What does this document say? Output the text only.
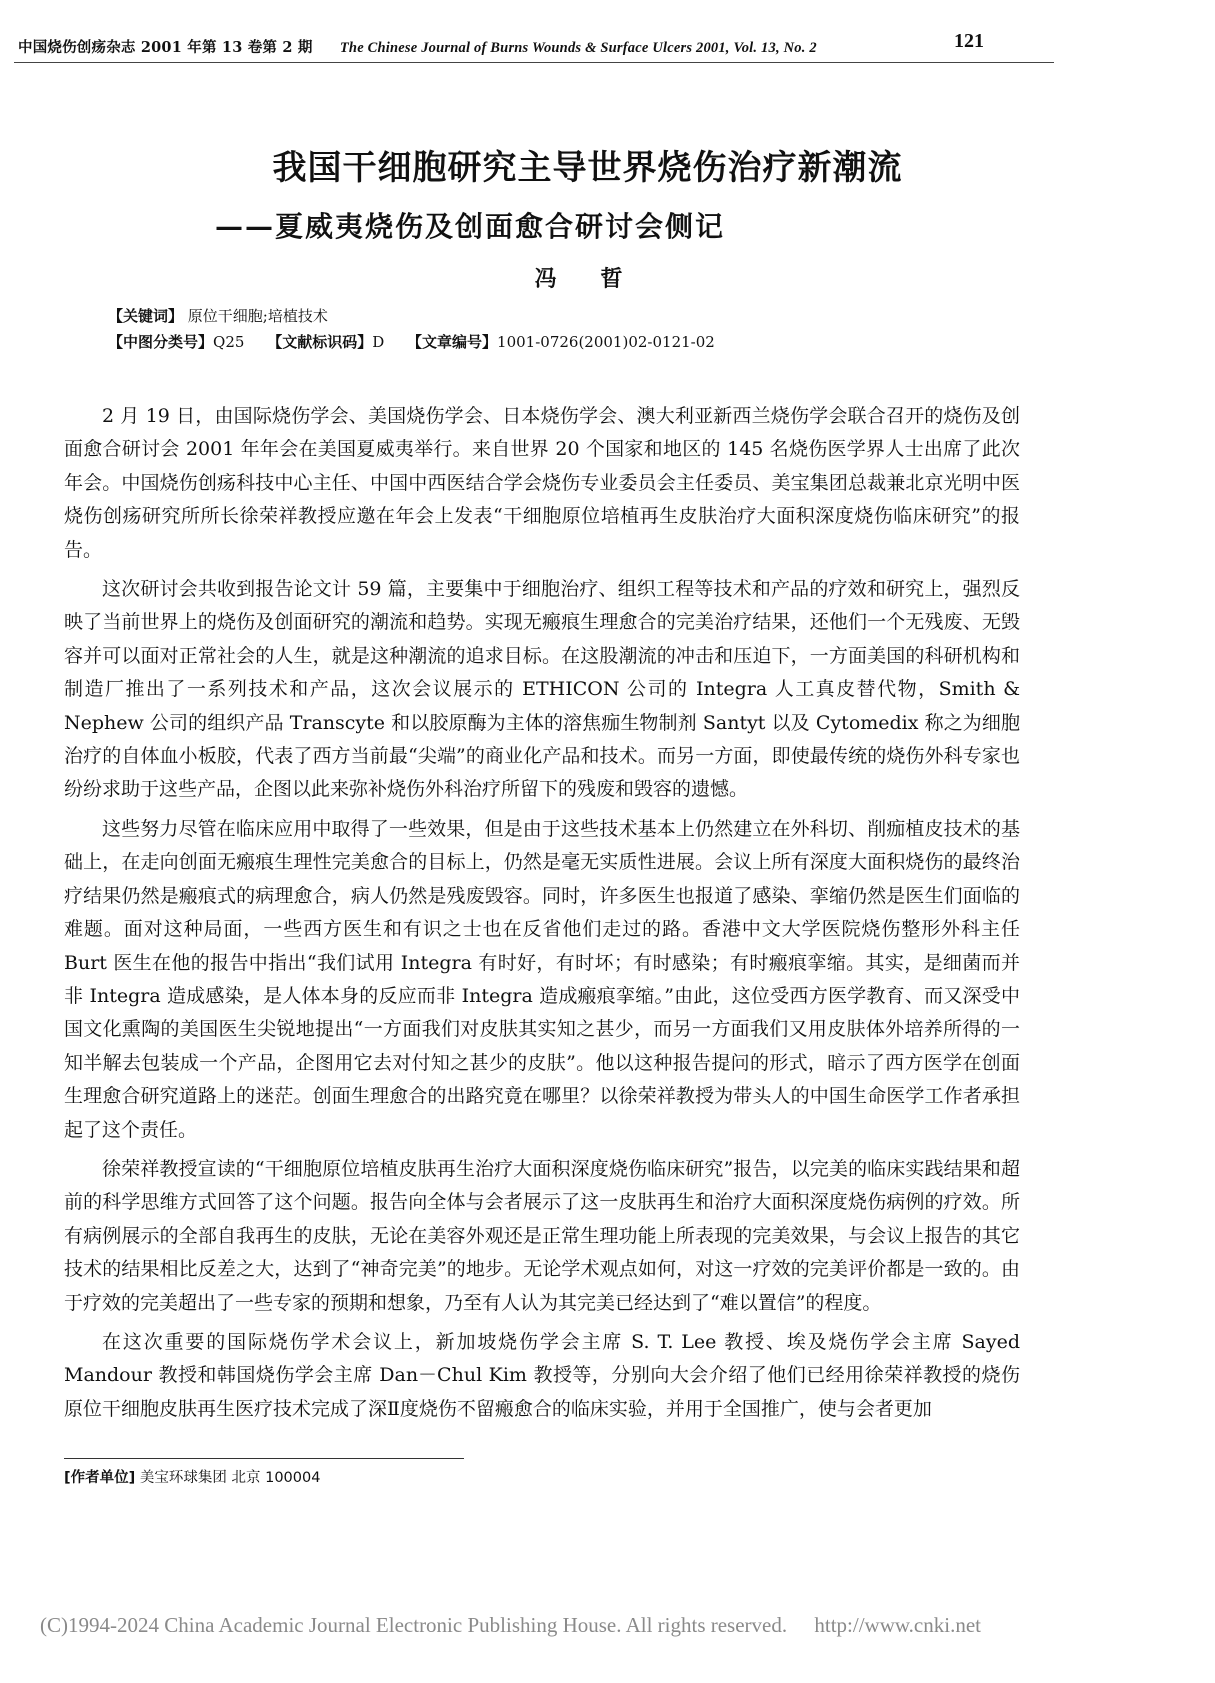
中国烧伤创疡杂志 2001 年第 13 卷第 2 期 The Chinese Journal of Burns Wounds & Surface Ulcers 2001, Vol. 13, No. 2	121
我国干细胞研究主导世界烧伤治疗新潮流
——夏威夷烧伤及创面愈合研讨会侧记
冯 晢
【关键词】 原位干细胞;培植技术
【中图分类号】Q25 【文献标识码】D 【文章编号】1001-0726(2001)02-0121-02

2 月 19 日，由国际烧伤学会、美国烧伤学会、日本烧伤学会、澳大利亚新西兰烧伤学会联合召开的烧伤及创面愈合研讨会 2001 年年会在美国夏威夷举行。来自世界 20 个国家和地区的 145 名烧伤医学界人士出席了此次年会。中国烧伤创疡科技中心主任、中国中西医结合学会烧伤专业委员会主任委员、美宝集团总裁兼北京光明中医烧伤创疡研究所所长徐荣祥教授应邀在年会上发表“干细胞原位培植再生皮肤治疗大面积深度烧伤临床研究”的报告。

这次研讨会共收到报告论文计 59 篇，主要集中于细胞治疗、组织工程等技术和产品的疗效和研究上，强烈反映了当前世界上的烧伤及创面研究的潮流和趋势。实现无瘢痕生理愈合的完美治疗结果，还他们一个无残废、无毁容并可以面对正常社会的人生，就是这种潮流的追求目标。在这股潮流的冲击和压迫下，一方面美国的科研机构和制造厂推出了一系列技术和产品，这次会议展示的 ETHICON 公司的 Integra 人工真皮替代物，Smith & Nephew 公司的组织产品 Transcyte 和以胶原酶为主体的溶焦痂生物制剂 Santyt 以及 Cytomedix 称之为细胞治疗的自体血小板胶，代表了西方当前最“尖端”的商业化产品和技术。而另一方面，即使最传统的烧伤外科专家也纷纷求助于这些产品，企图以此来弥补烧伤外科治疗所留下的残废和毁容的遗憾。

这些努力尽管在临床应用中取得了一些效果，但是由于这些技术基本上仍然建立在外科切、削痂植皮技术的基础上，在走向创面无瘢痕生理性完美愈合的目标上，仍然是毫无实质性进展。会议上所有深度大面积烧伤的最终治疗结果仍然是瘢痕式的病理愈合，病人仍然是残废毁容。同时，许多医生也报道了感染、挛缩仍然是医生们面临的难题。面对这种局面，一些西方医生和有识之士也在反省他们走过的路。香港中文大学医院烧伤整形外科主任 Burt 医生在他的报告中指出“我们试用 Integra 有时好，有时坏；有时感染；有时瘢痕挛缩。其实，是细菌而并非 Integra 造成感染，是人体本身的反应而非 Integra 造成瘢痕挛缩。”由此，这位受西方医学教育、而又深受中国文化熏陶的美国医生尖锐地提出“一方面我们对皮肤其实知之甚少，而另一方面我们又用皮肤体外培养所得的一知半解去包装成一个产品，企图用它去对付知之甚少的皮肤”。他以这种报告提问的形式，暗示了西方医学在创面生理愈合研究道路上的迷茫。创面生理愈合的出路究竟在哪里？以徐荣祥教授为带头人的中国生命医学工作者承担起了这个责任。

徐荣祥教授宣读的“干细胞原位培植皮肤再生治疗大面积深度烧伤临床研究”报告，以完美的临床实践结果和超前的科学思维方式回答了这个问题。报告向全体与会者展示了这一皮肤再生和治疗大面积深度烧伤病例的疗效。所有病例展示的全部自我再生的皮肤，无论在美容外观还是正常生理功能上所表现的完美效果，与会议上报告的其它技术的结果相比反差之大，达到了“神奇完美”的地步。无论学术观点如何，对这一疗效的完美评价都是一致的。由于疗效的完美超出了一些专家的预期和想象，乃至有人认为其完美已经达到了“难以置信”的程度。

在这次重要的国际烧伤学术会议上，新加坡烧伤学会主席 S. T. Lee 教授、埃及烧伤学会主席 Sayed Mandour 教授和韩国烧伤学会主席 Dan－Chul Kim 教授等，分别向大会介绍了他们已经用徐荣祥教授的烧伤原位干细胞皮肤再生医疗技术完成了深Ⅱ度烧伤不留瘢愈合的临床实验，并用于全国推广，使与会者更加

[作者单位] 美宝环球集团 北京 100004
(C)1994-2024 China Academic Journal Electronic Publishing House. All rights reserved. http://www.cnki.net
